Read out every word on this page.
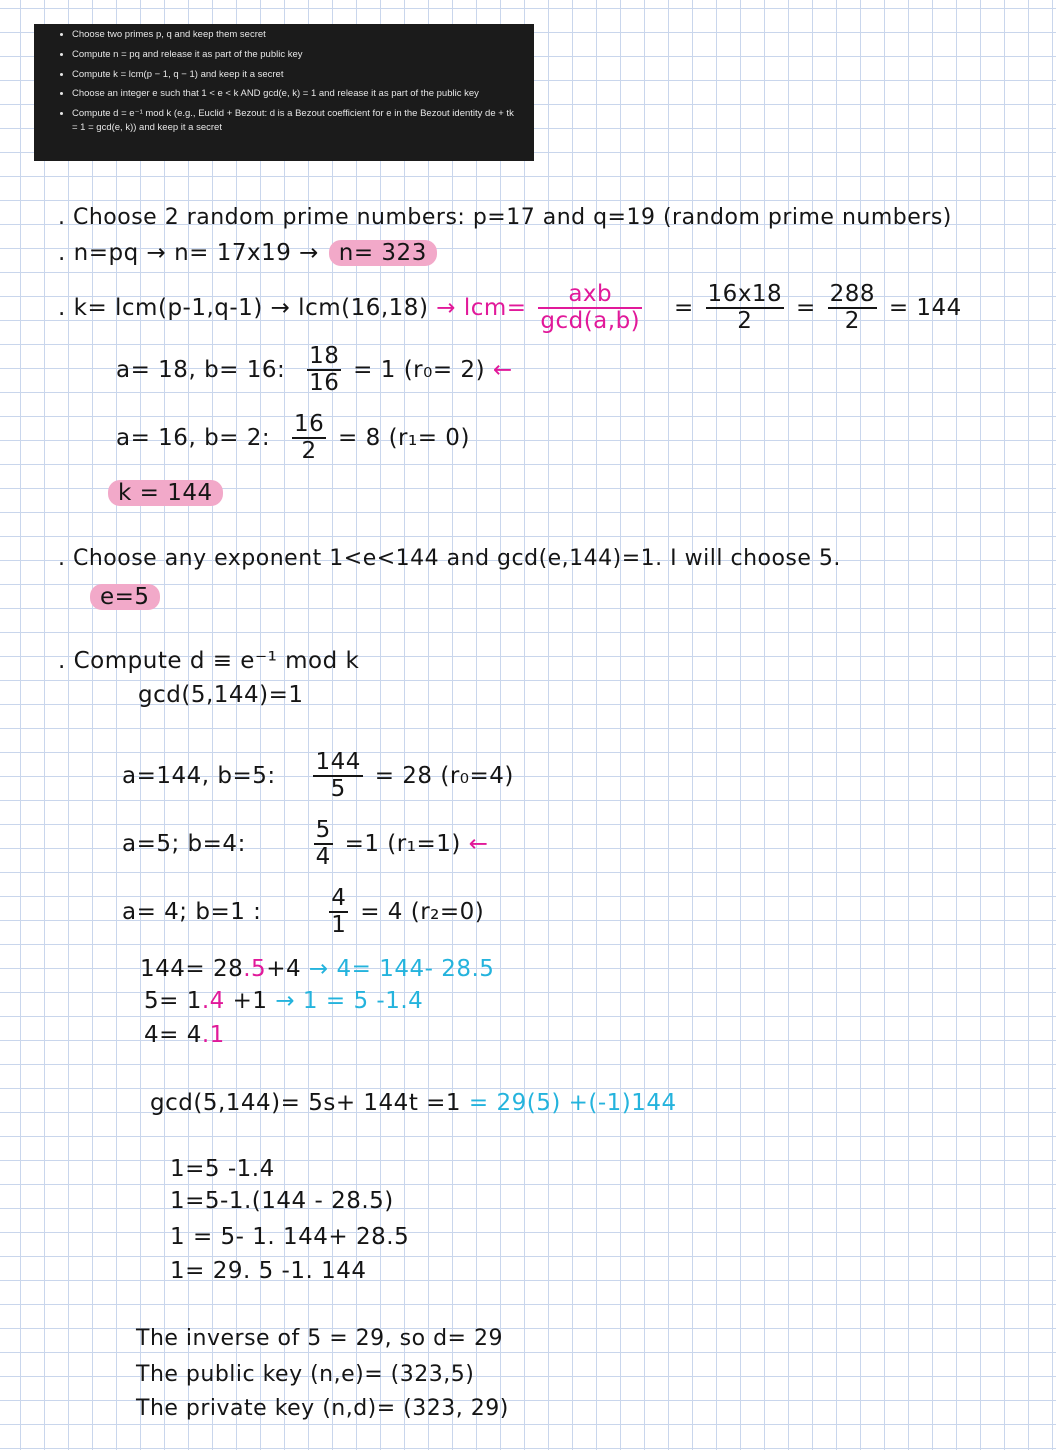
• Choose two primes p, q and keep them secret
• Compute n = pq and release it as part of the public key
• Compute k = lcm(p − 1, q − 1) and keep it a secret
• Choose an integer e such that 1 < e < k AND gcd(e, k) = 1 and release it as part of the public key
• Compute d = e⁻¹ mod k (e.g., Euclid + Bezout: d is a Bezout coefficient for e in the Bezout identity de + tk = 1 = gcd(e, k)) and keep it a secret
. Choose 2 random prime numbers: p=17 and q=19 (random prime numbers)
. n=pq → n= 17x19 → n= 323
. $k= lcm(p-1,q-1) \to lcm(16,18) \to lcm= \frac{\text{axb}}{\gcd(a,b)} = \frac{16x18}{2} = \frac{288}{2} = 144$
a= 18, b= 16: $\frac{18}{16} = 1$ (r₀= 2) ←
a= 16, b= 2: $\frac{16}{2} = 8$ (r₁= 0)
k = 144
. Choose any exponent 1<e<144 and gcd(e,144)=1. I will choose 5.
e=5
. Compute d ≡ e⁻¹ mod k
gcd(5,144)=1
a=144, b=5: $\frac{144}{5} = 28$ (r₀=4)
a=5; b=4:	$\frac{5}{4} =1$ (r₁=1) ←
a= 4; b=1 :	$\frac{4}{1} = 4$ (r₂=0)
144= 28.5+4 → 4= 144- 28.5
5= 1.4 +1 → 1 = 5 -1.4
4= 4.1
gcd(5,144)= 5s+ 144t =1 = 29(5) +(-1)144
1=5 -1.4
1=5-1.(144 - 28.5)
1 = 5- 1. 144+ 28.5
1= 29. 5 -1. 144
The inverse of 5 = 29, so d= 29
The public key (n,e)= (323,5)
The private key (n,d)= (323, 29)
